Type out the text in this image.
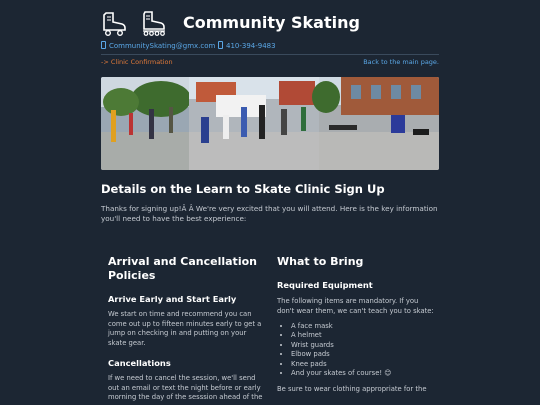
Community Skating
CommunitySkating@gmx.com	410-394-9483
-> Clinic Confirmation	Back to the main page.
Details on the Learn to Skate Clinic Sign Up
Thanks for signing up!Â Â We're very excited that you will attend. Here is the key information you'll need to have the best experience:
Arrival and Cancellation Policies
Arrive Early and Start Early

We start on time and recommend you can come out up to fifteen minutes early to get a jump on checking in and putting on your skate gear.

Cancellations

If we need to cancel the session, we'll send out an email or text the night before or early morning the day of the sesssion ahead of the

What to Bring
Required Equipment

The following items are mandatory. If you don't wear them, we can't teach you to skate:

• A face mask
• A helmet
• Wrist guards
• Elbow pads
• Knee pads
• And your skates of course! 😊

Be sure to wear clothing appropriate for the
